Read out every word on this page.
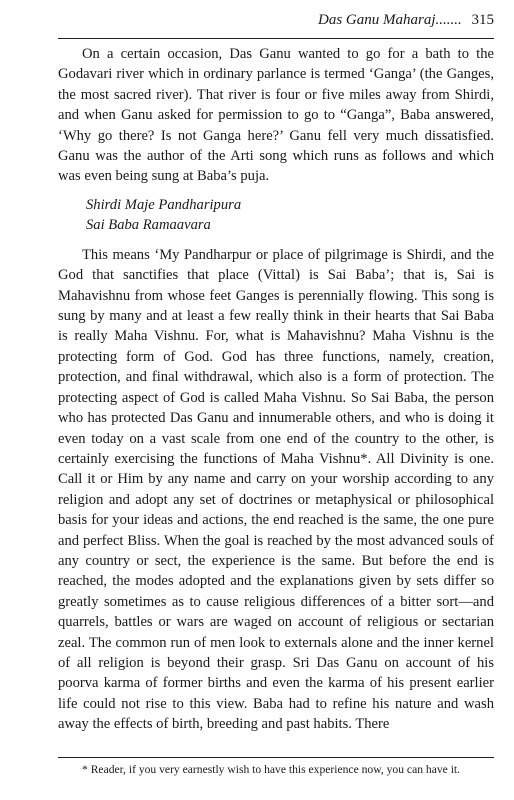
Das Ganu Maharaj....... 315

On a certain occasion, Das Ganu wanted to go for a bath to the Godavari river which in ordinary parlance is termed ‘Ganga’ (the Ganges, the most sacred river). That river is four or five miles away from Shirdi, and when Ganu asked for permission to go to “Ganga”, Baba answered, ‘Why go there? Is not Ganga here?’ Ganu fell very much dissatisfied. Ganu was the author of the Arti song which runs as follows and which was even being sung at Baba’s puja.

Shirdi Maje Pandharipura
Sai Baba Ramaavara

This means ‘My Pandharpur or place of pilgrimage is Shirdi, and the God that sanctifies that place (Vittal) is Sai Baba’; that is, Sai is Mahavishnu from whose feet Ganges is perennially flowing. This song is sung by many and at least a few really think in their hearts that Sai Baba is really Maha Vishnu. For, what is Mahavishnu? Maha Vishnu is the protecting form of God. God has three functions, namely, creation, protection, and final withdrawal, which also is a form of protection. The protecting aspect of God is called Maha Vishnu. So Sai Baba, the person who has protected Das Ganu and innumerable others, and who is doing it even today on a vast scale from one end of the country to the other, is certainly exercising the functions of Maha Vishnu*. All Divinity is one. Call it or Him by any name and carry on your worship according to any religion and adopt any set of doctrines or metaphysical or philosophical basis for your ideas and actions, the end reached is the same, the one pure and perfect Bliss. When the goal is reached by the most advanced souls of any country or sect, the experience is the same. But before the end is reached, the modes adopted and the explanations given by sets differ so greatly sometimes as to cause religious differences of a bitter sort—and quarrels, battles or wars are waged on account of religious or sectarian zeal. The common run of men look to externals alone and the inner kernel of all religion is beyond their grasp. Sri Das Ganu on account of his poorva karma of former births and even the karma of his present earlier life could not rise to this view. Baba had to refine his nature and wash away the effects of birth, breeding and past habits. There

* Reader, if you very earnestly wish to have this experience now, you can have it.
